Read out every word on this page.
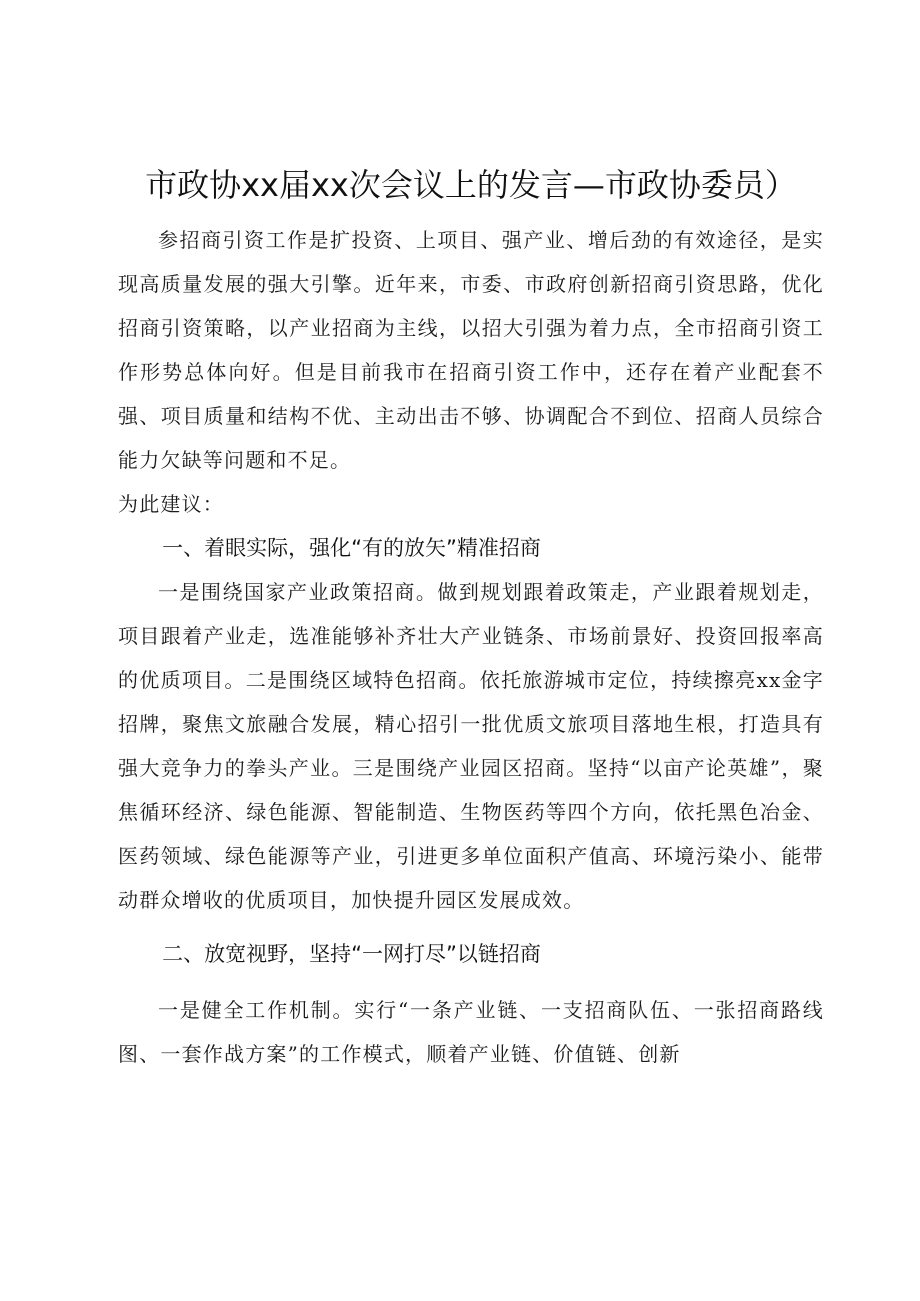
市政协xx届xx次会议上的发言—市政协委员）

参招商引资工作是扩投资、上项目、强产业、增后劲的有效途径，是实现高质量发展的强大引擎。近年来，市委、市政府创新招商引资思路，优化招商引资策略，以产业招商为主线，以招大引强为着力点，全市招商引资工作形势总体向好。但是目前我市在招商引资工作中，还存在着产业配套不强、项目质量和结构不优、主动出击不够、协调配合不到位、招商人员综合能力欠缺等问题和不足。

为此建议：

一、着眼实际，强化“有的放矢”精准招商

一是围绕国家产业政策招商。做到规划跟着政策走，产业跟着规划走，项目跟着产业走，选准能够补齐壮大产业链条、市场前景好、投资回报率高的优质项目。二是围绕区域特色招商。依托旅游城市定位，持续擦亮xx金字招牌，聚焦文旅融合发展，精心招引一批优质文旅项目落地生根，打造具有强大竞争力的拳头产业。三是围绕产业园区招商。坚持“以亩产论英雄”，聚焦循环经济、绿色能源、智能制造、生物医药等四个方向，依托黑色冶金、医药领域、绿色能源等产业，引进更多单位面积产值高、环境污染小、能带动群众增收的优质项目，加快提升园区发展成效。

二、放宽视野，坚持“一网打尽”以链招商

一是健全工作机制。实行“一条产业链、一支招商队伍、一张招商路线图、一套作战方案”的工作模式，顺着产业链、价值链、创新
